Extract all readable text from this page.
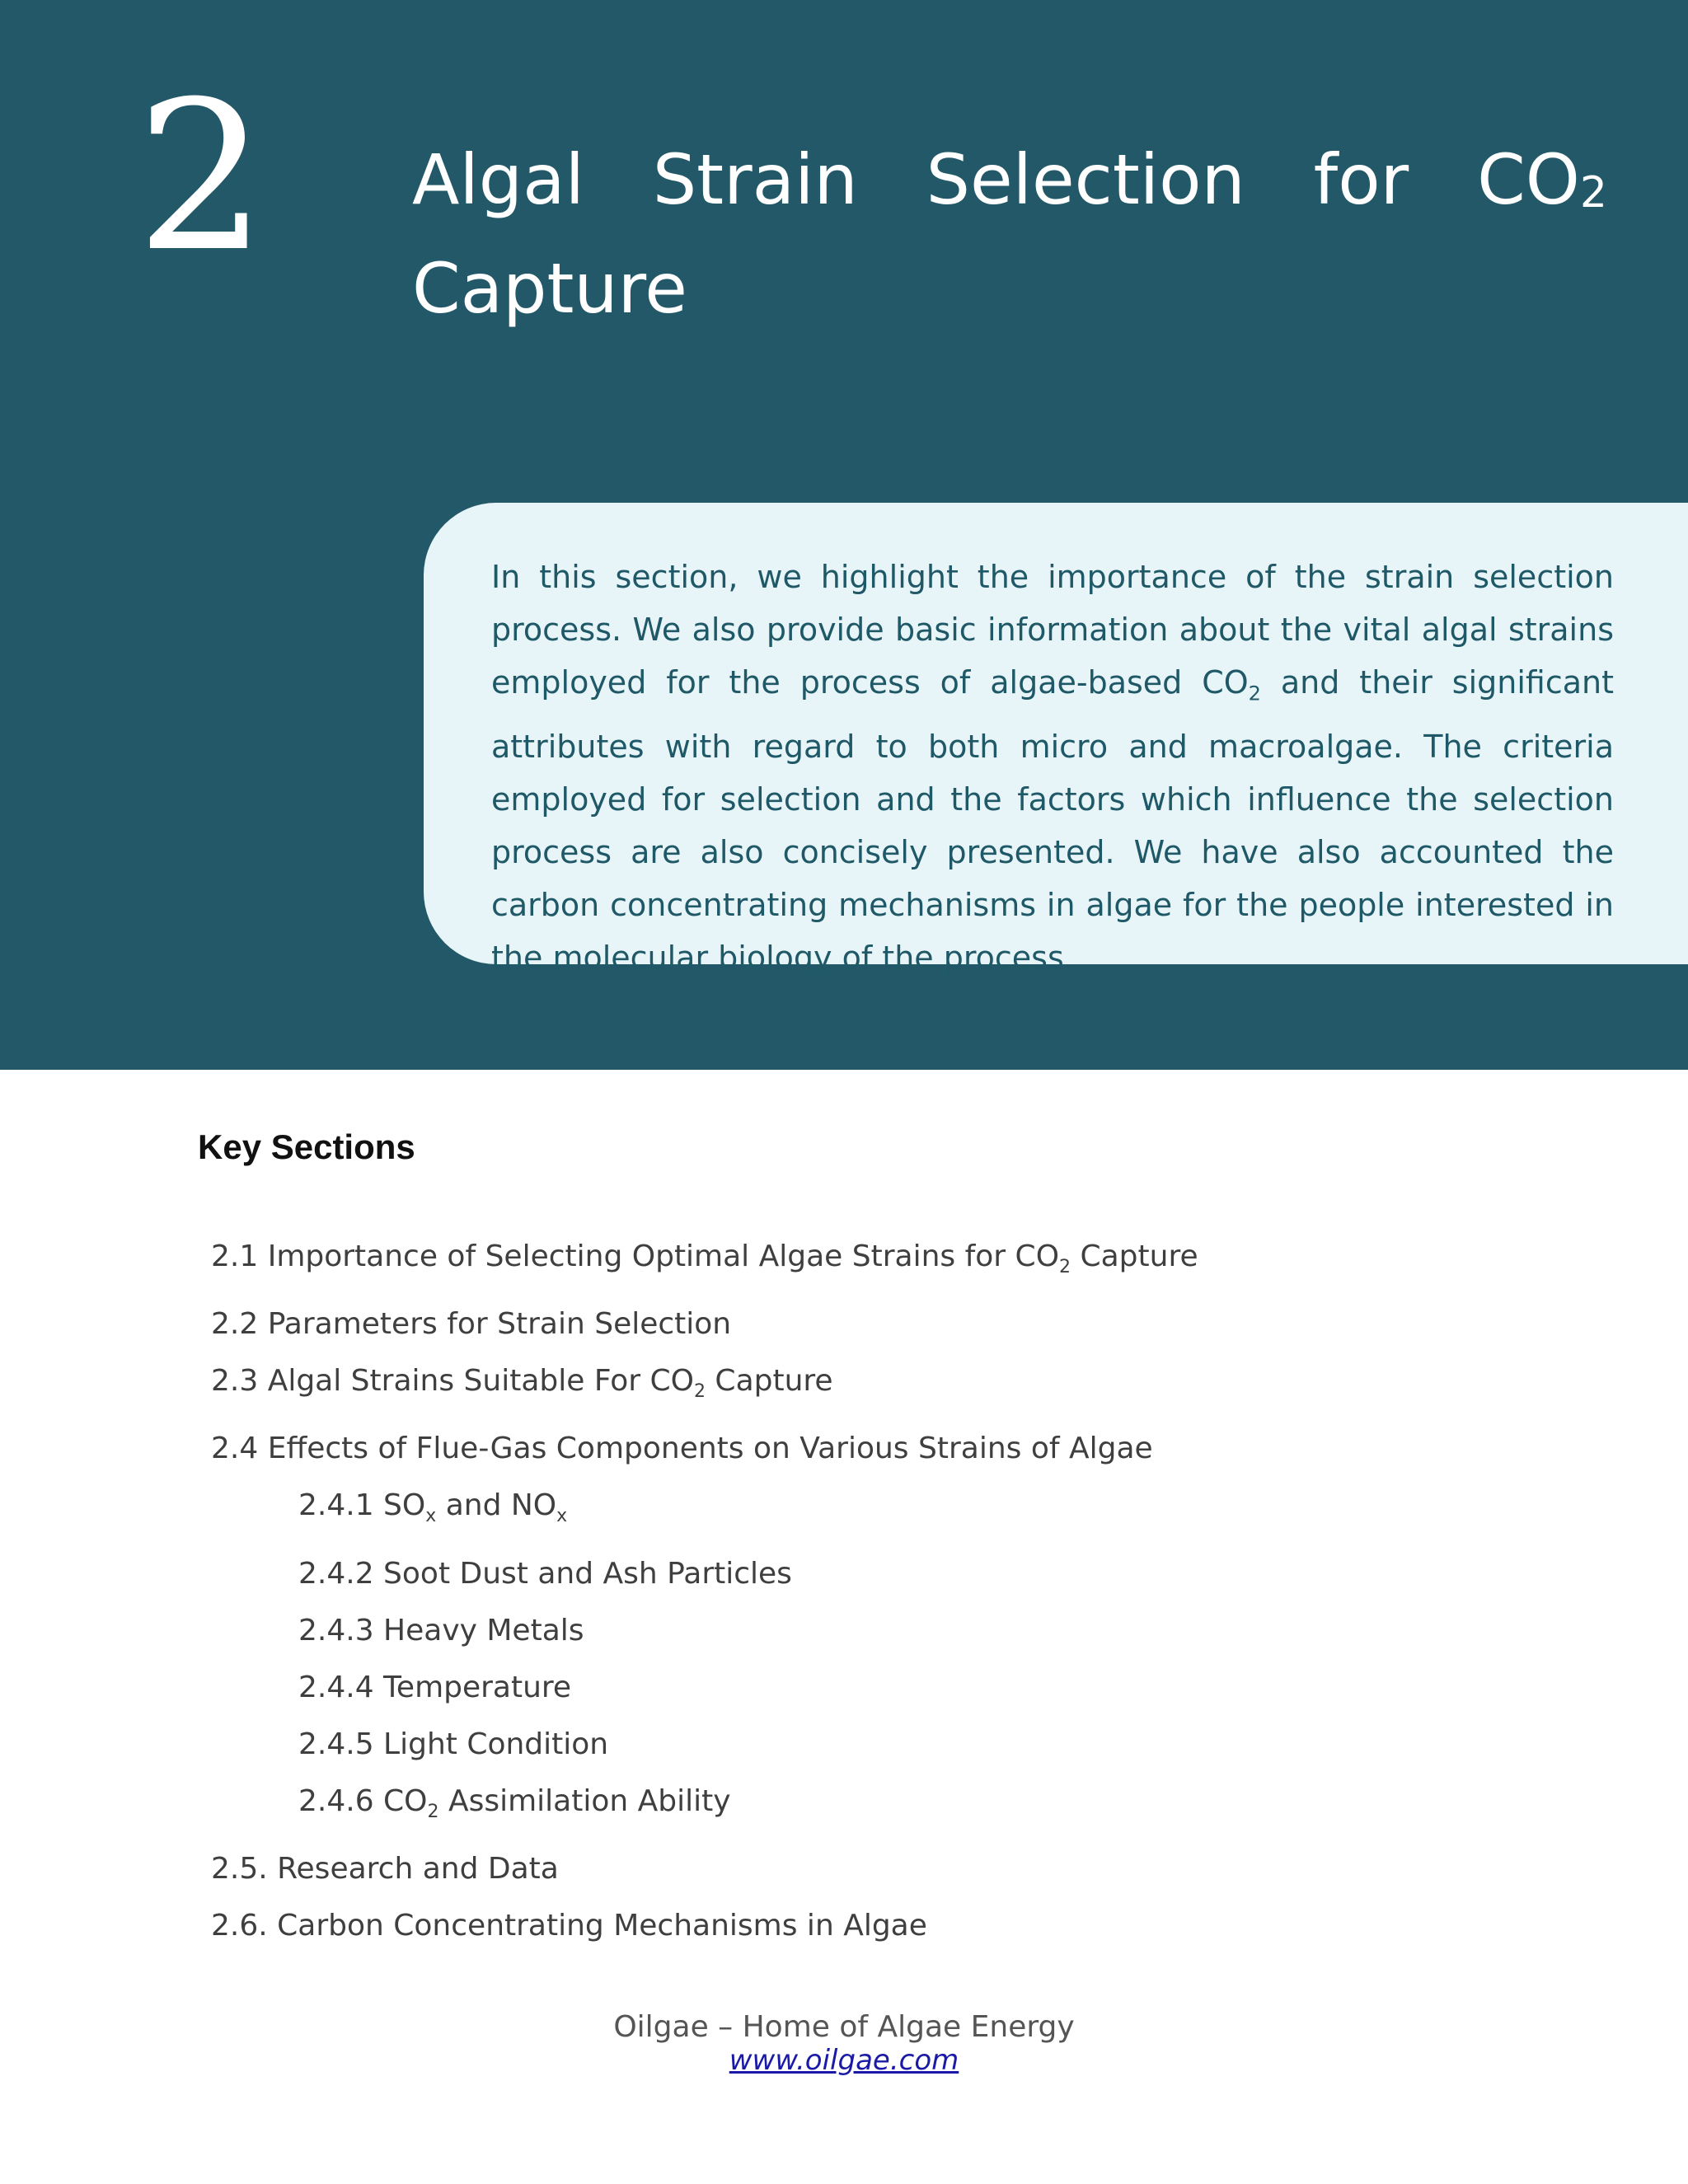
2 Algal Strain Selection for $CO_2$
Capture

In this section, we highlight the importance of the strain selection process. We also provide basic information about the vital algal strains employed for the process of algae-based $CO_2$ and their significant attributes with regard to both micro and macroalgae. The criteria employed for selection and the factors which influence the selection process are also concisely presented. We have also accounted the carbon concentrating mechanisms in algae for the people interested in the molecular biology of the process.

Key Sections
2.1 Importance of Selecting Optimal Algae Strains for $CO_2$ Capture
2.2 Parameters for Strain Selection
2.3 Algal Strains Suitable For $CO_2$ Capture
2.4 Effects of Flue-Gas Components on Various Strains of Algae
2.4.1 $SO_x$ and $NO_x$
2.4.2 Soot Dust and Ash Particles
2.4.3 Heavy Metals
2.4.4 Temperature
2.4.5 Light Condition
2.4.6 $CO_2$ Assimilation Ability
2.5. Research and Data
2.6. Carbon Concentrating Mechanisms in Algae
Oilgae – Home of Algae Energy
www.oilgae.com
